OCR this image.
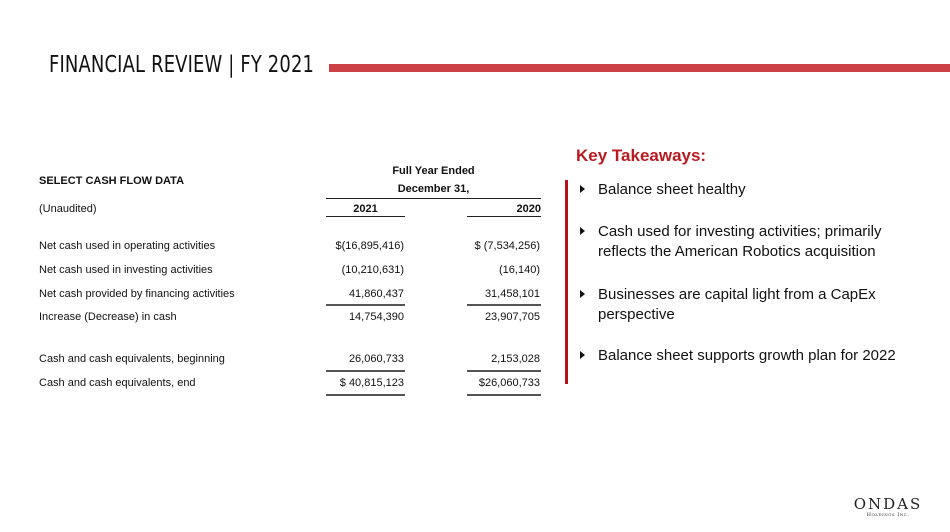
FINANCIAL REVIEW | FY 2021
SELECT CASH FLOW DATA
(Unaudited)
Full Year Ended
December 31,
2021	2020
Net cash used in operating activities	$(16,895,416)	$ (7,534,256)
Net cash used in investing activities	(10,210,631)	(16,140)
Net cash provided by financing activities	41,860,437	31,458,101
Increase (Decrease) in cash	14,754,390	23,907,705
Cash and cash equivalents, beginning	26,060,733	2,153,028
Cash and cash equivalents, end	$ 40,815,123	$26,060,733
Key Takeaways:
Balance sheet healthy
Cash used for investing activities; primarily
reflects the American Robotics acquisition
Businesses are capital light from a CapEx
perspective
Balance sheet supports growth plan for 2022
ONDAS
Holdings Inc.
